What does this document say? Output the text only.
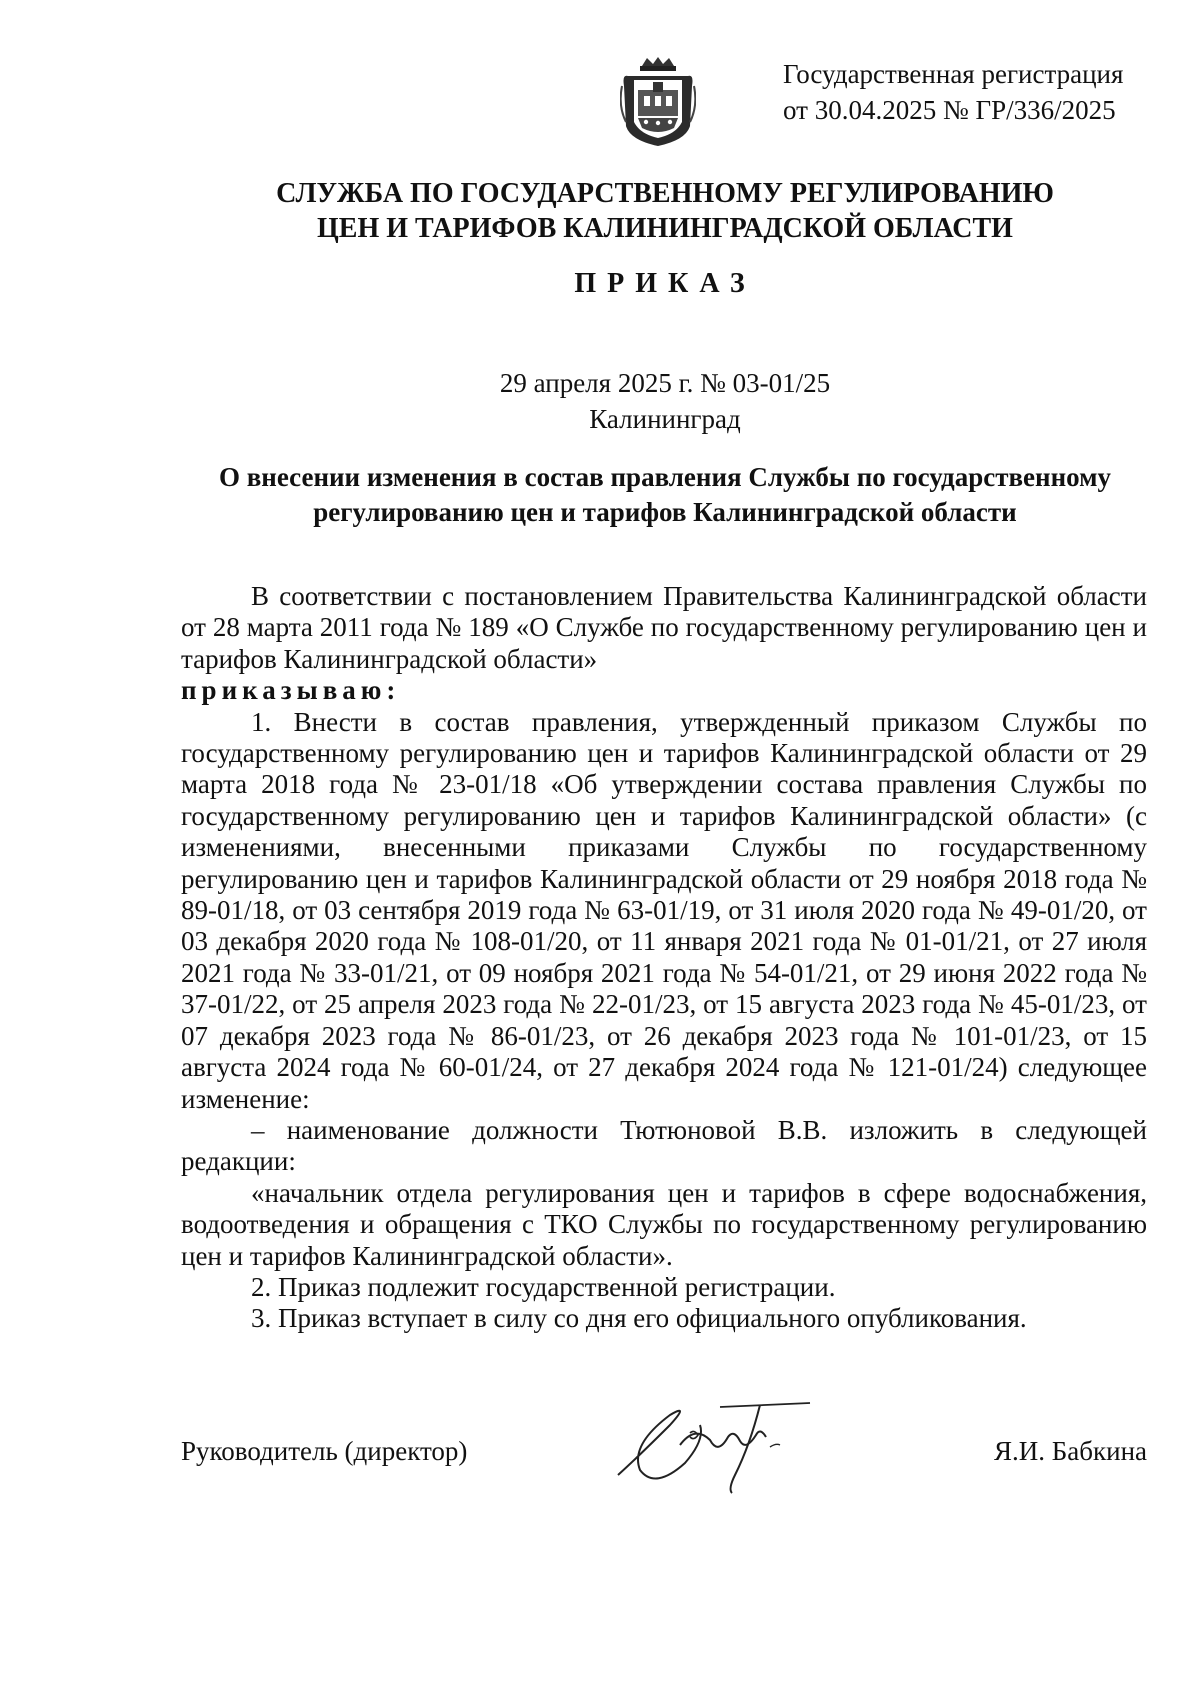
Государственная регистрация
от 30.04.2025 № ГР/336/2025
СЛУЖБА ПО ГОСУДАРСТВЕННОМУ РЕГУЛИРОВАНИЮ
ЦЕН И ТАРИФОВ КАЛИНИНГРАДСКОЙ ОБЛАСТИ
ПРИКАЗ
29 апреля 2025 г. № 03-01/25
Калининград
О внесении изменения в состав правления Службы по государственному
регулированию цен и тарифов Калининградской области

В соответствии с постановлением Правительства Калининградской области от 28 марта 2011 года № 189 «О Службе по государственному регулированию цен и тарифов Калининградской области»

приказываю:

1. Внести в состав правления, утвержденный приказом Службы по государственному регулированию цен и тарифов Калининградской области от 29 марта 2018 года № 23-01/18 «Об утверждении состава правления Службы по государственному регулированию цен и тарифов Калининградской области» (с изменениями, внесенными приказами Службы по государственному регулированию цен и тарифов Калининградской области от 29 ноября 2018 года № 89-01/18, от 03 сентября 2019 года № 63-01/19, от 31 июля 2020 года № 49-01/20, от 03 декабря 2020 года № 108-01/20, от 11 января 2021 года № 01-01/21, от 27 июля 2021 года № 33-01/21, от 09 ноября 2021 года № 54-01/21, от 29 июня 2022 года № 37-01/22, от 25 апреля 2023 года № 22-01/23, от 15 августа 2023 года № 45-01/23, от 07 декабря 2023 года № 86-01/23, от 26 декабря 2023 года № 101-01/23, от 15 августа 2024 года № 60-01/24, от 27 декабря 2024 года № 121-01/24) следующее изменение:

– наименование должности Тютюновой В.В. изложить в следующей редакции:

«начальник отдела регулирования цен и тарифов в сфере водоснабжения, водоотведения и обращения с ТКО Службы по государственному регулированию цен и тарифов Калининградской области».

2. Приказ подлежит государственной регистрации.

3. Приказ вступает в силу со дня его официального опубликования.

Руководитель (директор)	Я.И. Бабкина
